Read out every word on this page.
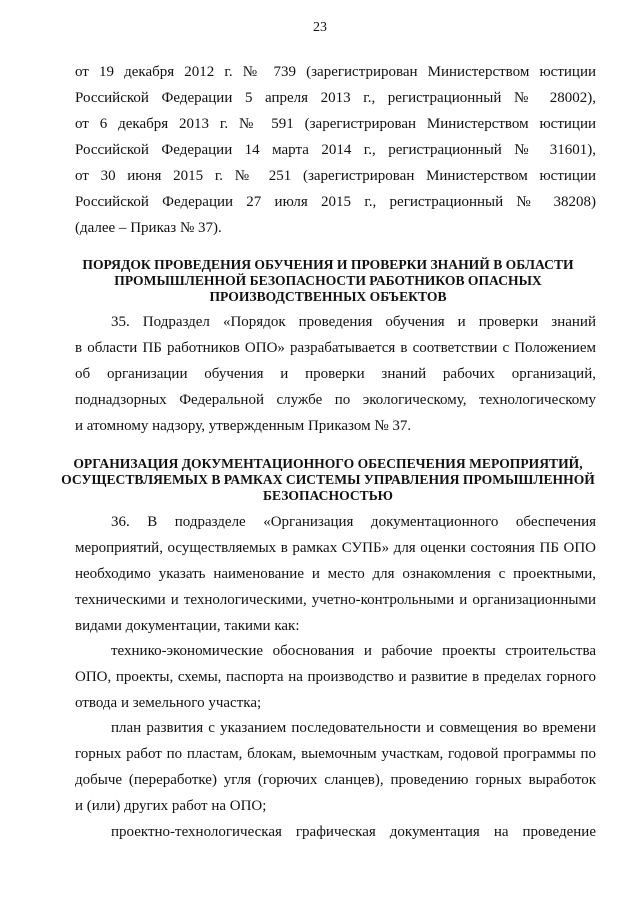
23
от 19 декабря 2012 г. № 739 (зарегистрирован Министерством юстиции
Российской Федерации 5 апреля 2013 г., регистрационный № 28002),
от 6 декабря 2013 г. № 591 (зарегистрирован Министерством юстиции
Российской Федерации 14 марта 2014 г., регистрационный № 31601),
от 30 июня 2015 г. № 251 (зарегистрирован Министерством юстиции
Российской Федерации 27 июля 2015 г., регистрационный № 38208)
(далее – Приказ № 37).
ПОРЯДОК ПРОВЕДЕНИЯ ОБУЧЕНИЯ И ПРОВЕРКИ ЗНАНИЙ В ОБЛАСТИ
ПРОМЫШЛЕННОЙ БЕЗОПАСНОСТИ РАБОТНИКОВ ОПАСНЫХ
ПРОИЗВОДСТВЕННЫХ ОБЪЕКТОВ
35. Подраздел «Порядок проведения обучения и проверки знаний
в области ПБ работников ОПО» разрабатывается в соответствии с Положением
об организации обучения и проверки знаний рабочих организаций,
поднадзорных Федеральной службе по экологическому, технологическому
и атомному надзору, утвержденным Приказом № 37.
ОРГАНИЗАЦИЯ ДОКУМЕНТАЦИОННОГО ОБЕСПЕЧЕНИЯ МЕРОПРИЯТИЙ,
ОСУЩЕСТВЛЯЕМЫХ В РАМКАХ СИСТЕМЫ УПРАВЛЕНИЯ ПРОМЫШЛЕННОЙ
БЕЗОПАСНОСТЬЮ
36. В подразделе «Организация документационного обеспечения
мероприятий, осуществляемых в рамках СУПБ» для оценки состояния ПБ ОПО
необходимо указать наименование и место для ознакомления с проектными,
техническими и технологическими, учетно-контрольными и организационными
видами документации, такими как:
технико-экономические обоснования и рабочие проекты строительства
ОПО, проекты, схемы, паспорта на производство и развитие в пределах горного
отвода и земельного участка;
план развития с указанием последовательности и совмещения во времени
горных работ по пластам, блокам, выемочным участкам, годовой программы по
добыче (переработке) угля (горючих сланцев), проведению горных выработок
и (или) других работ на ОПО;
проектно-технологическая графическая документация на проведение
